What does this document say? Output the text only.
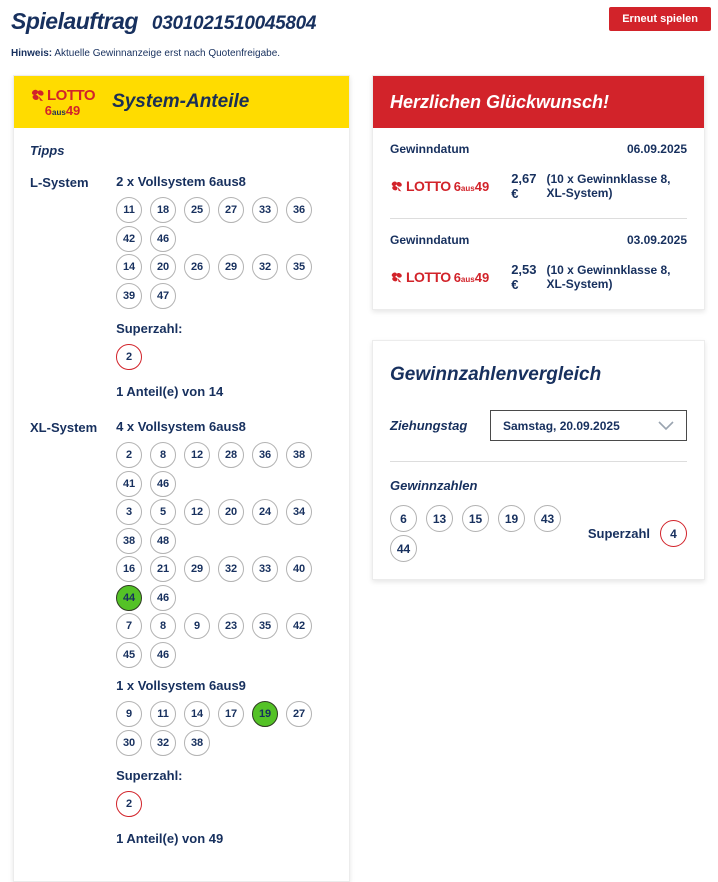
Spielauftrag 0301021510045804	Erneut spielen
Hinweis: Aktuelle Gewinnanzeige erst nach Quotenfreigabe.
LOTTO
6aus49 System-Anteile
Tipps
L-System	2 x Vollsystem 6aus8
11	18	25	27	33	36
42	46
14	20	26	29	32	35
39	47
Superzahl:
2
1 Anteil(e) von 14
XL-System	4 x Vollsystem 6aus8
2	8	12	28	36	38
41	46
3	5	12	20	24	34
38	48
16	21	29	32	33	40
44	46
7	8	9	23	35	42
45	46
1 x Vollsystem 6aus9
9	11	14	17	19	27
30	32	38
Superzahl:
2
1 Anteil(e) von 49
Herzlichen Glückwunsch!
Gewinndatum	06.09.2025
LOTTO 6aus49 2,67 €
(10 x Gewinnklasse 8, XL-System)
Gewinndatum	03.09.2025
LOTTO 6aus49 2,53 €
(10 x Gewinnklasse 8, XL-System)
Gewinnzahlenvergleich
Ziehungstag	Samstag, 20.09.2025
Gewinnzahlen
6	13	15	19	43
44
Superzahl	4
